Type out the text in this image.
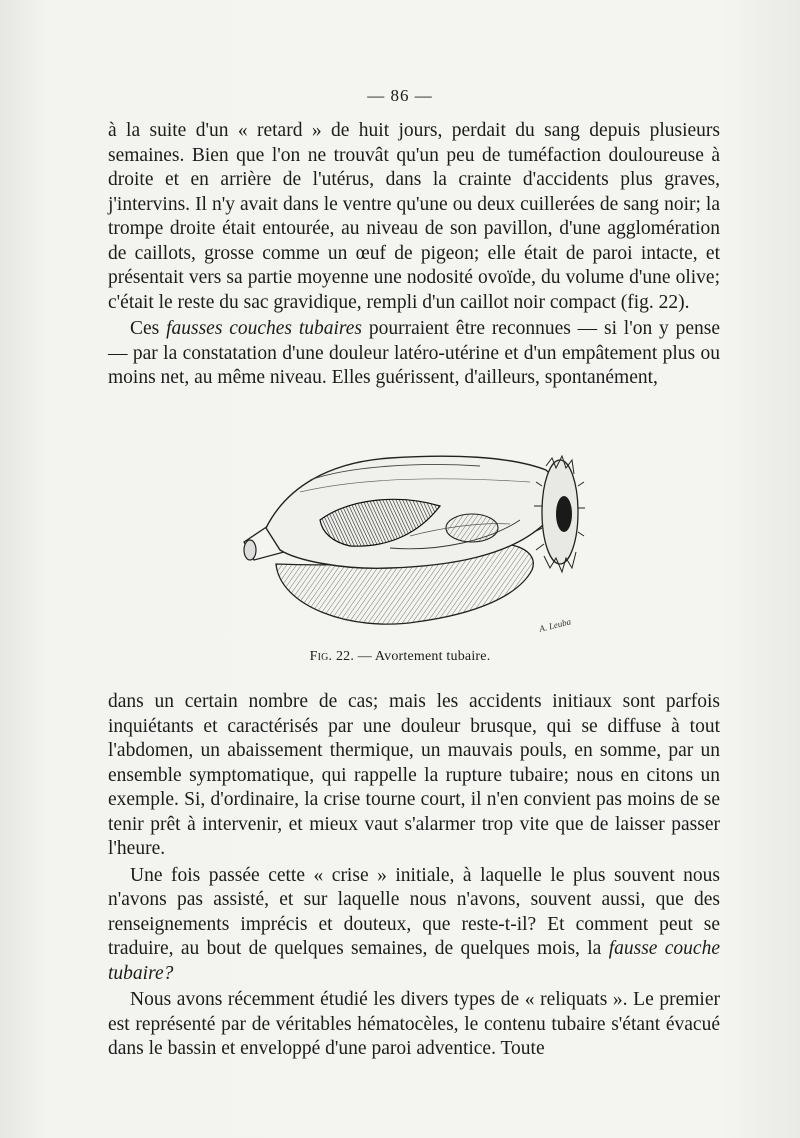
— 86 —

à la suite d'un « retard » de huit jours, perdait du sang depuis plusieurs semaines. Bien que l'on ne trouvât qu'un peu de tuméfaction douloureuse à droite et en arrière de l'utérus, dans la crainte d'accidents plus graves, j'intervins. Il n'y avait dans le ventre qu'une ou deux cuillerées de sang noir; la trompe droite était entourée, au niveau de son pavillon, d'une agglomération de caillots, grosse comme un œuf de pigeon; elle était de paroi intacte, et présentait vers sa partie moyenne une nodosité ovoïde, du volume d'une olive; c'était le reste du sac gravidique, rempli d'un caillot noir compact (fig. 22).

Ces fausses couches tubaires pourraient être reconnues — si l'on y pense — par la constatation d'une douleur latéro-utérine et d'un empâtement plus ou moins net, au même niveau. Elles guérissent, d'ailleurs, spontanément,

A. Leuba
Fig. 22. — Avortement tubaire.

dans un certain nombre de cas; mais les accidents initiaux sont parfois inquiétants et caractérisés par une douleur brusque, qui se diffuse à tout l'abdomen, un abaissement thermique, un mauvais pouls, en somme, par un ensemble symptomatique, qui rappelle la rupture tubaire; nous en citons un exemple. Si, d'ordinaire, la crise tourne court, il n'en convient pas moins de se tenir prêt à intervenir, et mieux vaut s'alarmer trop vite que de laisser passer l'heure.

Une fois passée cette « crise » initiale, à laquelle le plus souvent nous n'avons pas assisté, et sur laquelle nous n'avons, souvent aussi, que des renseignements imprécis et douteux, que reste-t-il? Et comment peut se traduire, au bout de quelques semaines, de quelques mois, la fausse couche tubaire?

Nous avons récemment étudié les divers types de « reliquats ». Le premier est représenté par de véritables hématocèles, le contenu tubaire s'étant évacué dans le bassin et enveloppé d'une paroi adventice. Toute
